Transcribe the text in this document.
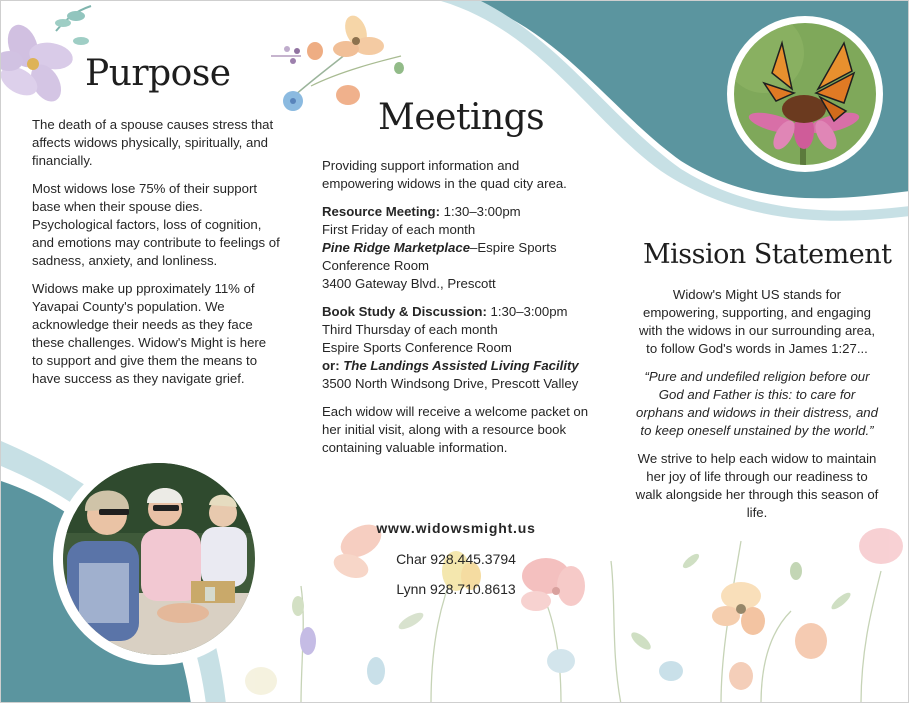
Purpose

The death of a spouse causes stress that affects widows physically, spiritually, and financially.

Most widows lose 75% of their support base when their spouse dies. Psychological factors, loss of cognition, and emotions may contribute to feelings of sadness, anxiety, and lonliness.

Widows make up pproximately 11% of Yavapai County's population. We acknowledge their needs as they face these challenges. Widow's Might is here to support and give them the means to have success as they navigate grief.

Meetings

Providing support information and empowering widows in the quad city area.

Resource Meeting: 1:30–3:00pm
First Friday of each month
Pine Ridge Marketplace–Espire Sports Conference Room
3400 Gateway Blvd., Prescott

Book Study & Discussion: 1:30–3:00pm
Third Thursday of each month
Espire Sports Conference Room
or: The Landings Assisted Living Facility 3500 North Windsong Drive, Prescott Valley

Each widow will receive a welcome packet on her initial visit, along with a resource book containing valuable information.

www.widowsmight.us
Char 928.445.3794
Lynn 928.710.8613
Mission Statement

Widow's Might US stands for empowering, supporting, and engaging with the widows in our surrounding area, to follow God's words in James 1:27...

“Pure and undefiled religion before our God and Father is this: to care for orphans and widows in their distress, and to keep oneself unstained by the world.”

We strive to help each widow to maintain her joy of life through our readiness to walk alongside her through this season of life.
